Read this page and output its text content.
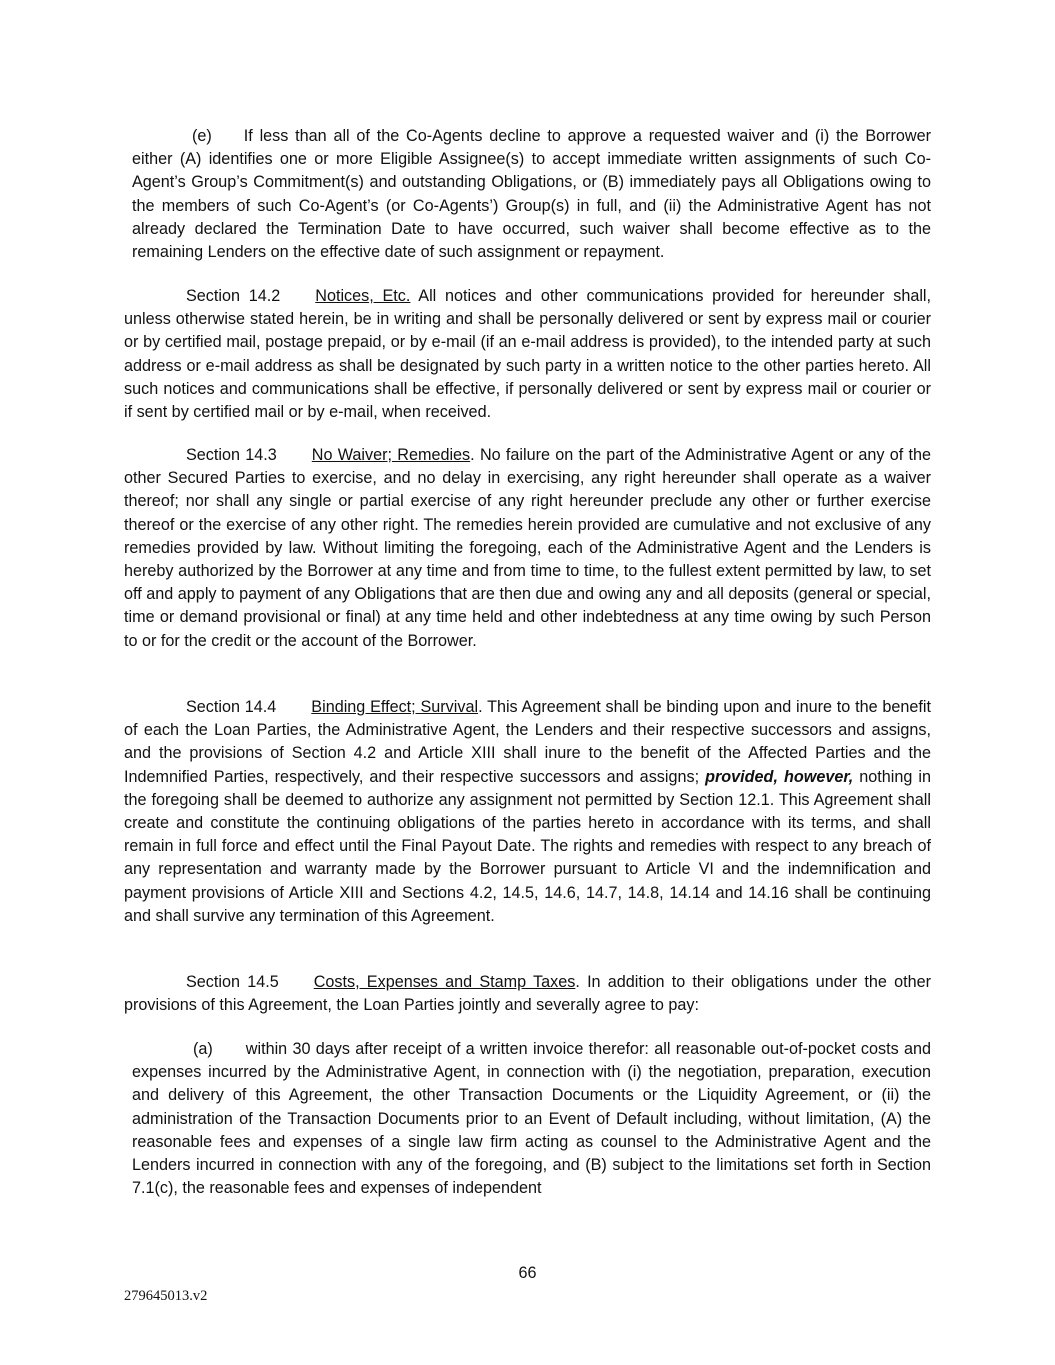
(e) If less than all of the Co-Agents decline to approve a requested waiver and (i) the Borrower either (A) identifies one or more Eligible Assignee(s) to accept immediate written assignments of such Co-Agent’s Group’s Commitment(s) and outstanding Obligations, or (B) immediately pays all Obligations owing to the members of such Co-Agent’s (or Co-Agents’) Group(s) in full, and (ii) the Administrative Agent has not already declared the Termination Date to have occurred, such waiver shall become effective as to the remaining Lenders on the effective date of such assignment or repayment.

Section 14.2 Notices, Etc. All notices and other communications provided for hereunder shall, unless otherwise stated herein, be in writing and shall be personally delivered or sent by express mail or courier or by certified mail, postage prepaid, or by e-mail (if an e-mail address is provided), to the intended party at such address or e-mail address as shall be designated by such party in a written notice to the other parties hereto. All such notices and communications shall be effective, if personally delivered or sent by express mail or courier or if sent by certified mail or by e-mail, when received.

Section 14.3 No Waiver; Remedies. No failure on the part of the Administrative Agent or any of the other Secured Parties to exercise, and no delay in exercising, any right hereunder shall operate as a waiver thereof; nor shall any single or partial exercise of any right hereunder preclude any other or further exercise thereof or the exercise of any other right. The remedies herein provided are cumulative and not exclusive of any remedies provided by law. Without limiting the foregoing, each of the Administrative Agent and the Lenders is hereby authorized by the Borrower at any time and from time to time, to the fullest extent permitted by law, to set off and apply to payment of any Obligations that are then due and owing any and all deposits (general or special, time or demand provisional or final) at any time held and other indebtedness at any time owing by such Person to or for the credit or the account of the Borrower.

Section 14.4 Binding Effect; Survival. This Agreement shall be binding upon and inure to the benefit of each the Loan Parties, the Administrative Agent, the Lenders and their respective successors and assigns, and the provisions of Section 4.2 and Article XIII shall inure to the benefit of the Affected Parties and the Indemnified Parties, respectively, and their respective successors and assigns; provided, however, nothing in the foregoing shall be deemed to authorize any assignment not permitted by Section 12.1. This Agreement shall create and constitute the continuing obligations of the parties hereto in accordance with its terms, and shall remain in full force and effect until the Final Payout Date. The rights and remedies with respect to any breach of any representation and warranty made by the Borrower pursuant to Article VI and the indemnification and payment provisions of Article XIII and Sections 4.2, 14.5, 14.6, 14.7, 14.8, 14.14 and 14.16 shall be continuing and shall survive any termination of this Agreement.

Section 14.5 Costs, Expenses and Stamp Taxes. In addition to their obligations under the other provisions of this Agreement, the Loan Parties jointly and severally agree to pay:

(a) within 30 days after receipt of a written invoice therefor: all reasonable out-of-pocket costs and expenses incurred by the Administrative Agent, in connection with (i) the negotiation, preparation, execution and delivery of this Agreement, the other Transaction Documents or the Liquidity Agreement, or (ii) the administration of the Transaction Documents prior to an Event of Default including, without limitation, (A) the reasonable fees and expenses of a single law firm acting as counsel to the Administrative Agent and the Lenders incurred in connection with any of the foregoing, and (B) subject to the limitations set forth in Section 7.1(c), the reasonable fees and expenses of independent

66
279645013.v2
